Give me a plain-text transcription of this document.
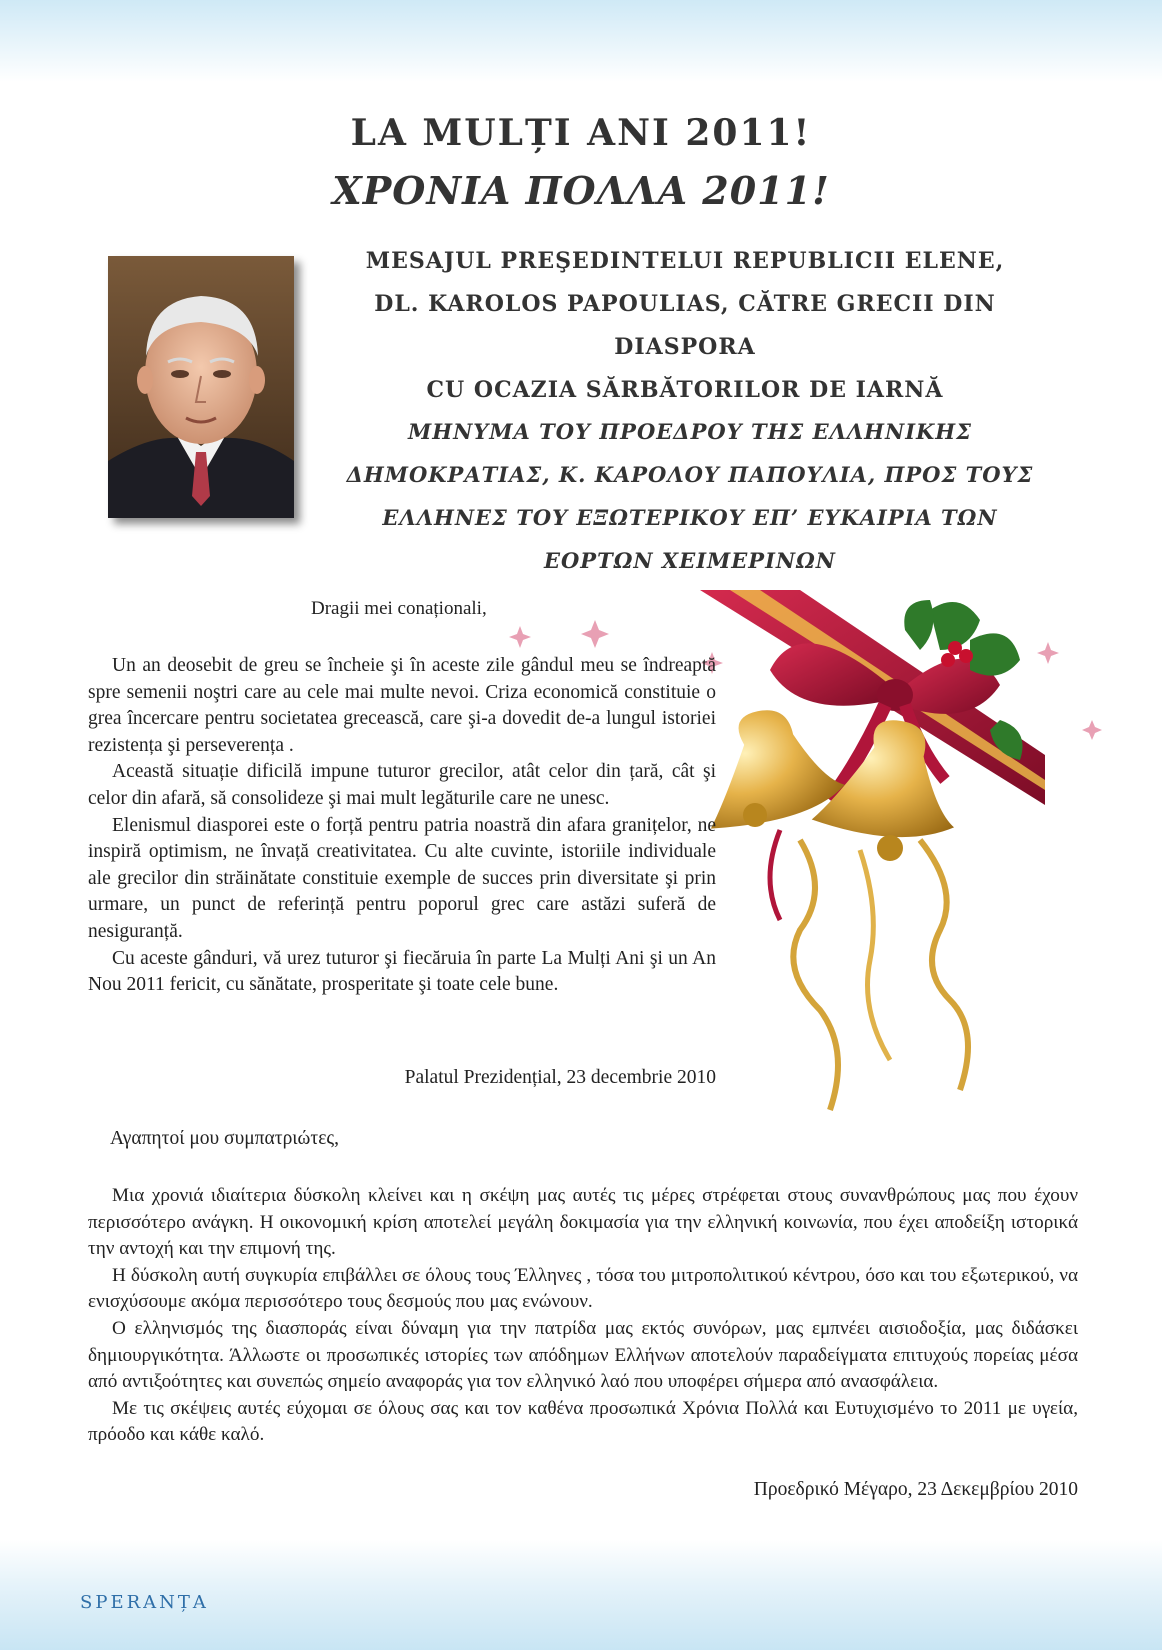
LA MULȚI ANI 2011!
ΧΡΟΝΙΑ ΠΟΛΛΑ 2011!
MESAJUL PREŞEDINTELUI REPUBLICII ELENE,
DL. KAROLOS PAPOULIAS, CĂTRE GRECII DIN DIASPORA
CU OCAZIA SĂRBĂTORILOR DE IARNĂ
ΜΗΝΥΜΑ ΤΟΥ ΠΡΟΕΔΡΟΥ ΤΗΣ ΕΛΛΗΝΙΚΗΣ
ΔΗΜΟΚΡΑΤΙΑΣ, Κ. ΚΑΡΟΛΟΥ ΠΑΠΟΥΛΙΑ, ΠΡΟΣ ΤΟΥΣ
ΕΛΛΗΝΕΣ ΤΟΥ ΕΞΩΤΕΡΙΚΟΥ ΕΠ’ ΕΥΚΑΙΡΙΑ ΤΩΝ
ΕΟΡΤΩΝ ΧΕΙΜΕΡΙΝΩΝ
Dragii mei conaționali,

Un an deosebit de greu se încheie şi în aceste zile gândul meu se îndreaptă spre semenii noştri care au cele mai multe nevoi. Criza economică constituie o grea încercare pentru societatea grecească, care şi-a dovedit de-a lungul istoriei rezistența şi perseverența .

Această situație dificilă impune tuturor grecilor, atât celor din țară, cât şi celor din afară, să consolideze şi mai mult legăturile care ne unesc.

Elenismul diasporei este o forță pentru patria noastră din afara granițelor, ne inspiră optimism, ne învață creativitatea. Cu alte cuvinte, istoriile individuale ale grecilor din străinătate constituie exemple de succes prin diversitate şi prin urmare, un punct de referință pentru poporul grec care astăzi suferă de nesiguranță.

Cu aceste gânduri, vă urez tuturor şi fiecăruia în parte La Mulți Ani şi un An Nou 2011 fericit, cu sănătate, prosperitate şi toate cele bune.

Palatul Prezidențial, 23 decembrie 2010
Αγαπητοί μου συμπατριώτες,

Μια χρονιά ιδιαίτερια δύσκολη κλείνει και η σκέψη μας αυτές τις μέρες στρέφεται στους συνανθρώπους μας που έχουν περισσότερο ανάγκη. Η οικονομική κρίση αποτελεί μεγάλη δοκιμασία για την ελληνική κοινωνία, που έχει αποδείξη ιστορικά την αντοχή και την επιμονή της.

Η δύσκολη αυτή συγκυρία επιβάλλει σε όλους τους Έλληνες , τόσα του μιτροπολιτικού κέντρου, όσο και του εξωτερικού, να ενισχύσουμε ακόμα περισσότερο τους δεσμούς που μας ενώνουν.

Ο ελληνισμός της διασποράς είναι δύναμη για την πατρίδα μας εκτός συνόρων, μας εμπνέει αισιοδοξία, μας διδάσκει δημιουργικότητα. Άλλωστε οι προσωπικές ιστορίες των απόδημων Ελλήνων αποτελούν παραδείγματα επιτυχούς πορείας μέσα από αντιξοότητες και συνεπώς σημείο αναφοράς για τον ελληνικό λαό που υποφέρει σήμερα από ανασφάλεια.

Με τις σκέψεις αυτές εύχομαι σε όλους σας και τον καθένα προσωπικά Χρόνια Πολλά και Ευτυχισμένο το 2011 με υγεία, πρόοδο και κάθε καλό.

Προεδρικό Μέγαρο, 23 Δεκεμβρίου 2010
SPERANȚA
